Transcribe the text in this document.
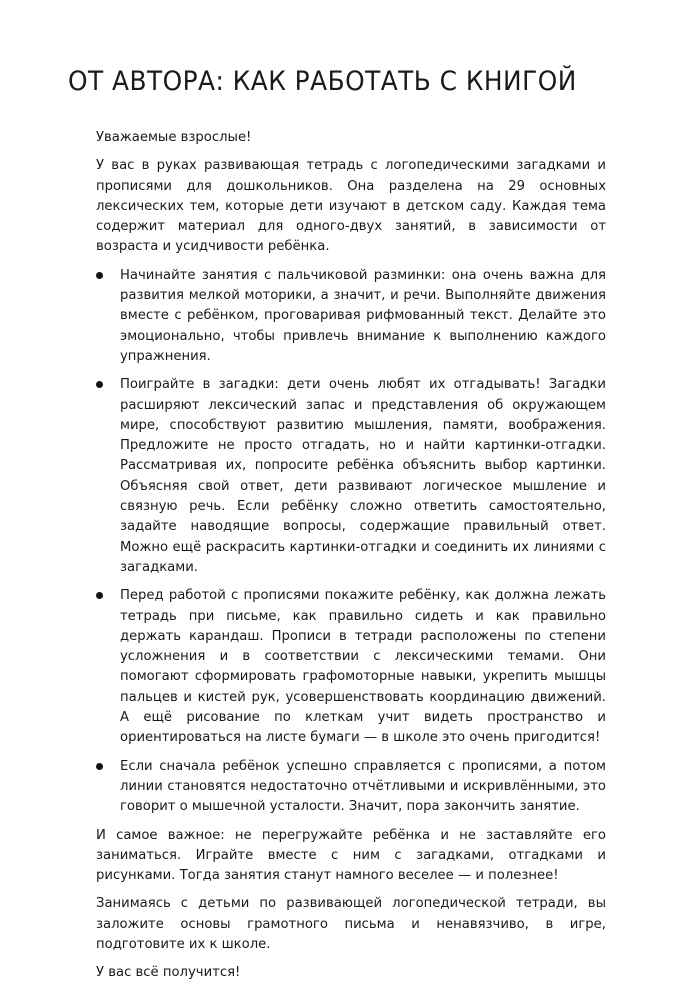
ОТ АВТОРА: КАК РАБОТАТЬ С КНИГОЙ

Уважаемые взрослые!

У вас в руках развивающая тетрадь с логопедическими загадками и прописями для дошкольников. Она разделена на 29 основных лексических тем, которые дети изучают в детском саду. Каждая тема содержит материал для одного-двух занятий, в зависимости от возраста и усидчивости ребёнка.

Начинайте занятия с пальчиковой разминки: она очень важна для развития мелкой моторики, а значит, и речи. Выполняйте движения вместе с ребёнком, проговаривая рифмованный текст. Делайте это эмоционально, чтобы привлечь внимание к выполнению каждого упражнения.
Поиграйте в загадки: дети очень любят их отгадывать! Загадки расширяют лексический запас и представления об окружающем мире, способствуют развитию мышления, памяти, воображения. Предложите не просто отгадать, но и найти картинки-отгадки. Рассматривая их, попросите ребёнка объяснить выбор картинки. Объясняя свой ответ, дети развивают логическое мышление и связную речь. Если ребёнку сложно ответить самостоятельно, задайте наводящие вопросы, содержащие правильный ответ. Можно ещё раскрасить картинки-отгадки и соединить их линиями с загадками.
Перед работой с прописями покажите ребёнку, как должна лежать тетрадь при письме, как правильно сидеть и как правильно держать карандаш. Прописи в тетради расположены по степени усложнения и в соответствии с лексическими темами. Они помогают сформировать графомоторные навыки, укрепить мышцы пальцев и кистей рук, усовершенствовать координацию движений. А ещё рисование по клеткам учит видеть пространство и ориентироваться на листе бумаги — в школе это очень пригодится!
Если сначала ребёнок успешно справляется с прописями, а потом линии становятся недостаточно отчётливыми и искривлёнными, это говорит о мышечной усталости. Значит, пора закончить занятие.

И самое важное: не перегружайте ребёнка и не заставляйте его заниматься. Играйте вместе с ним с загадками, отгадками и рисунками. Тогда занятия станут намного веселее — и полезнее!

Занимаясь с детьми по развивающей логопедической тетради, вы заложите основы грамотного письма и ненавязчиво, в игре, подготовите их к школе.

У вас всё получится!
